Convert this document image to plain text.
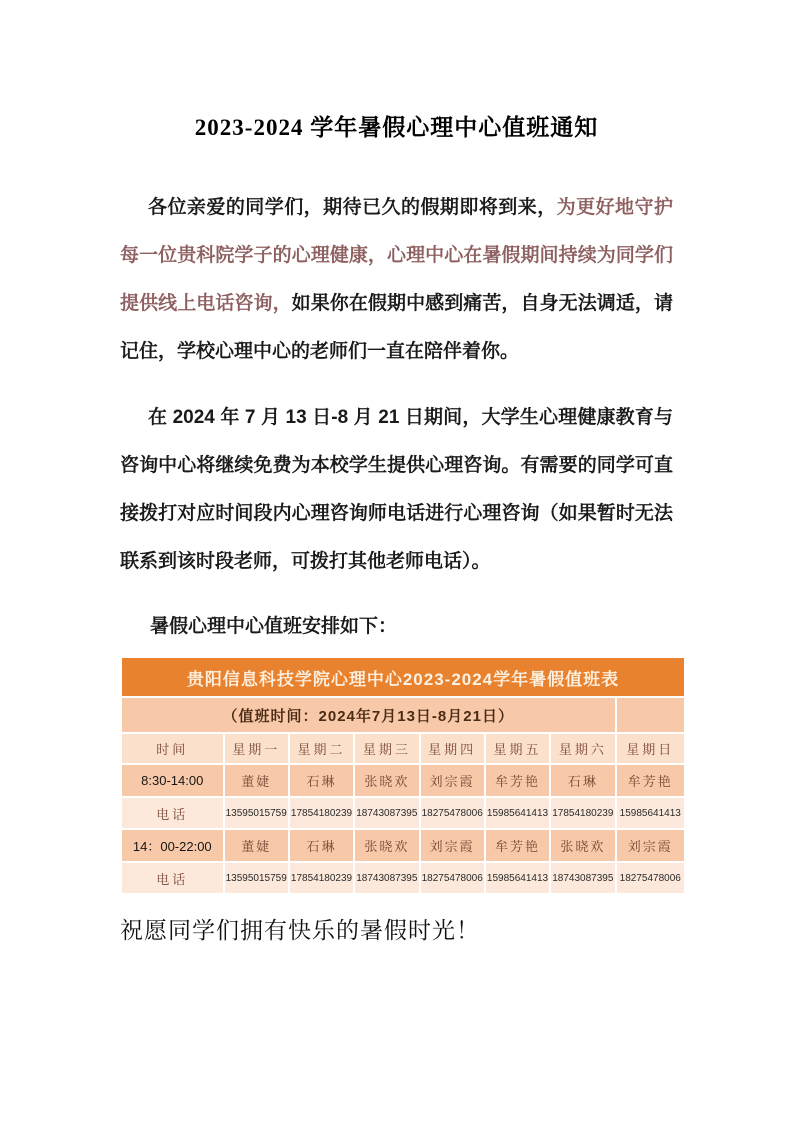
2023-2024 学年暑假心理中心值班通知

各位亲爱的同学们，期待已久的假期即将到来，为更好地守护每一位贵科院学子的心理健康，心理中心在暑假期间持续为同学们提供线上电话咨询，如果你在假期中感到痛苦，自身无法调适，请记住，学校心理中心的老师们一直在陪伴着你。

在 2024 年 7 月 13 日-8 月 21 日期间，大学生心理健康教育与咨询中心将继续免费为本校学生提供心理咨询。有需要的同学可直接拨打对应时间段内心理咨询师电话进行心理咨询（如果暂时无法联系到该时段老师，可拨打其他老师电话）。

暑假心理中心值班安排如下：

贵阳信息科技学院心理中心2023-2024学年暑假值班表							
（值班时间：2024年7月13日-8月21日）							
时间	星期一	星期二	星期三	星期四	星期五	星期六	星期日
8:30-14:00	董婕	石琳	张晓欢	刘宗霞	牟芳艳	石琳	牟芳艳
电话	13595015759	17854180239	18743087395	18275478006	15985641413	17854180239	15985641413
14：00-22:00	董婕	石琳	张晓欢	刘宗霞	牟芳艳	张晓欢	刘宗霞
电话	13595015759	17854180239	18743087395	18275478006	15985641413	18743087395	18275478006

祝愿同学们拥有快乐的暑假时光！
